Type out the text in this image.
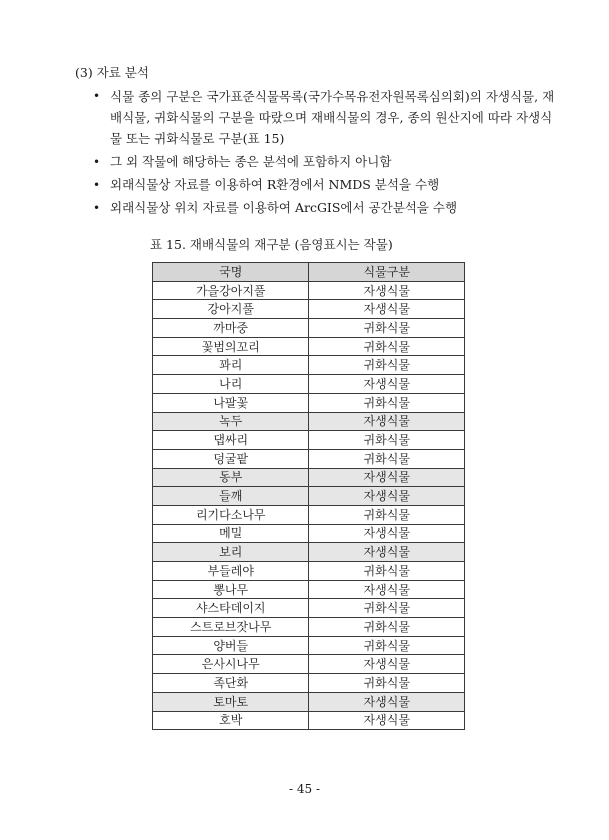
(3) 자료 분석
• 식물 종의 구분은 국가표준식물목록(국가수목유전자원목록심의회)의 자생식물, 재배식물, 귀화식물의 구분을 따랐으며 재배식물의 경우, 종의 원산지에 따라 자생식물 또는 귀화식물로 구분(표 15)
• 그 외 작물에 해당하는 종은 분석에 포함하지 아니함
• 외래식물상 자료를 이용하여 R환경에서 NMDS 분석을 수행
• 외래식물상 위치 자료를 이용하여 ArcGIS에서 공간분석을 수행
표 15. 재배식물의 재구분 (음영표시는 작물)
국명	식물구분
가을강아지풀	자생식물
강아지풀	자생식물
까마중	귀화식물
꽃범의꼬리	귀화식물
꽈리	귀화식물
나리	자생식물
나팔꽃	귀화식물
녹두	자생식물
댑싸리	귀화식물
덩굴팥	귀화식물
동부	자생식물
들깨	자생식물
리기다소나무	귀화식물
메밀	자생식물
보리	자생식물
부들레야	귀화식물
뽕나무	자생식물
샤스타데이지	귀화식물
스트로브잣나무	귀화식물
양버들	귀화식물
은사시나무	자생식물
족단화	귀화식물
토마토	자생식물
호박	자생식물
- 45 -
